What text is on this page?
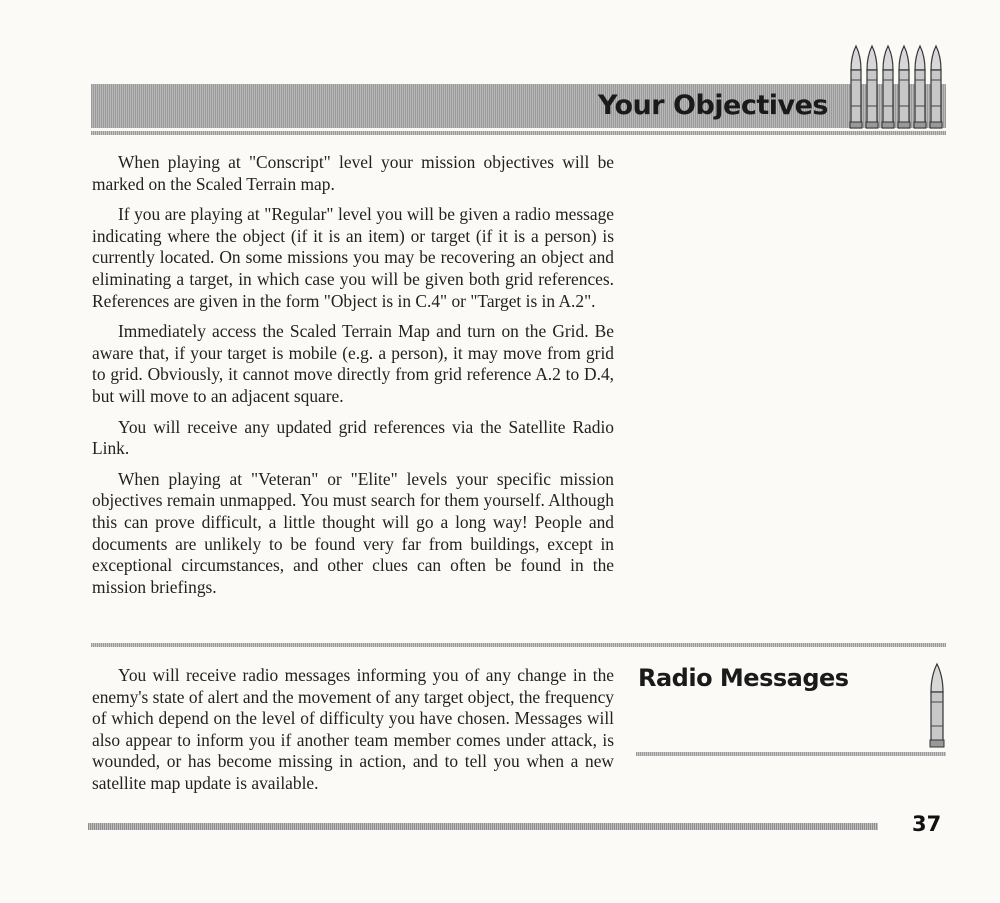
Your Objectives

When playing at "Conscript" level your mission objectives will be marked on the Scaled Terrain map.

If you are playing at "Regular" level you will be given a radio message indicating where the object (if it is an item) or target (if it is a person) is currently located. On some missions you may be recovering an object and eliminating a target, in which case you will be given both grid references. References are given in the form "Object is in C.4" or "Target is in A.2".

Immediately access the Scaled Terrain Map and turn on the Grid. Be aware that, if your target is mobile (e.g. a person), it may move from grid to grid. Obviously, it cannot move directly from grid reference A.2 to D.4, but will move to an adjacent square.

You will receive any updated grid references via the Satellite Radio Link.

When playing at "Veteran" or "Elite" levels your specific mission objectives remain unmapped. You must search for them yourself. Although this can prove difficult, a little thought will go a long way! People and documents are unlikely to be found very far from buildings, except in exceptional circumstances, and other clues can often be found in the mission briefings.

You will receive radio messages informing you of any change in the enemy's state of alert and the movement of any target object, the frequency of which depend on the level of difficulty you have chosen. Messages will also appear to inform you if another team member comes under attack, is wounded, or has become missing in action, and to tell you when a new satellite map update is available.

Radio Messages

37
